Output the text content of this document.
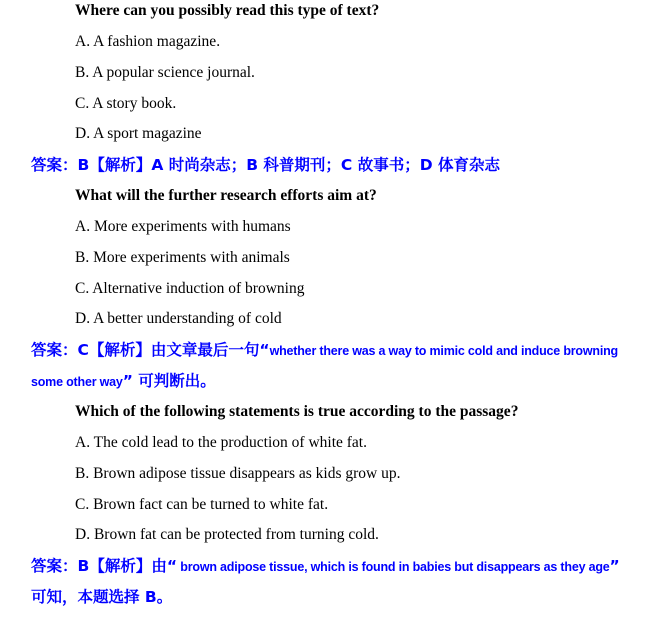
Where can you possibly read this type of text?

A. A fashion magazine.

B. A popular science journal.

C. A story book.

D. A sport magazine

答案：B【解析】A 时尚杂志；B 科普期刊；C 故事书；D 体育杂志

What will the further research efforts aim at?

A. More experiments with humans

B. More experiments with animals

C. Alternative induction of browning

D. A better understanding of cold

答案：C【解析】由文章最后一句“whether there was a way to mimic cold and induce browning

some other way” 可判断出。

Which of the following statements is true according to the passage?

A. The cold lead to the production of white fat.

B. Brown adipose tissue disappears as kids grow up.

C. Brown fact can be turned to white fat.

D. Brown fat can be protected from turning cold.

答案：B【解析】由“ brown adipose tissue, which is found in babies but disappears as they age”

可知，本题选择 B。
